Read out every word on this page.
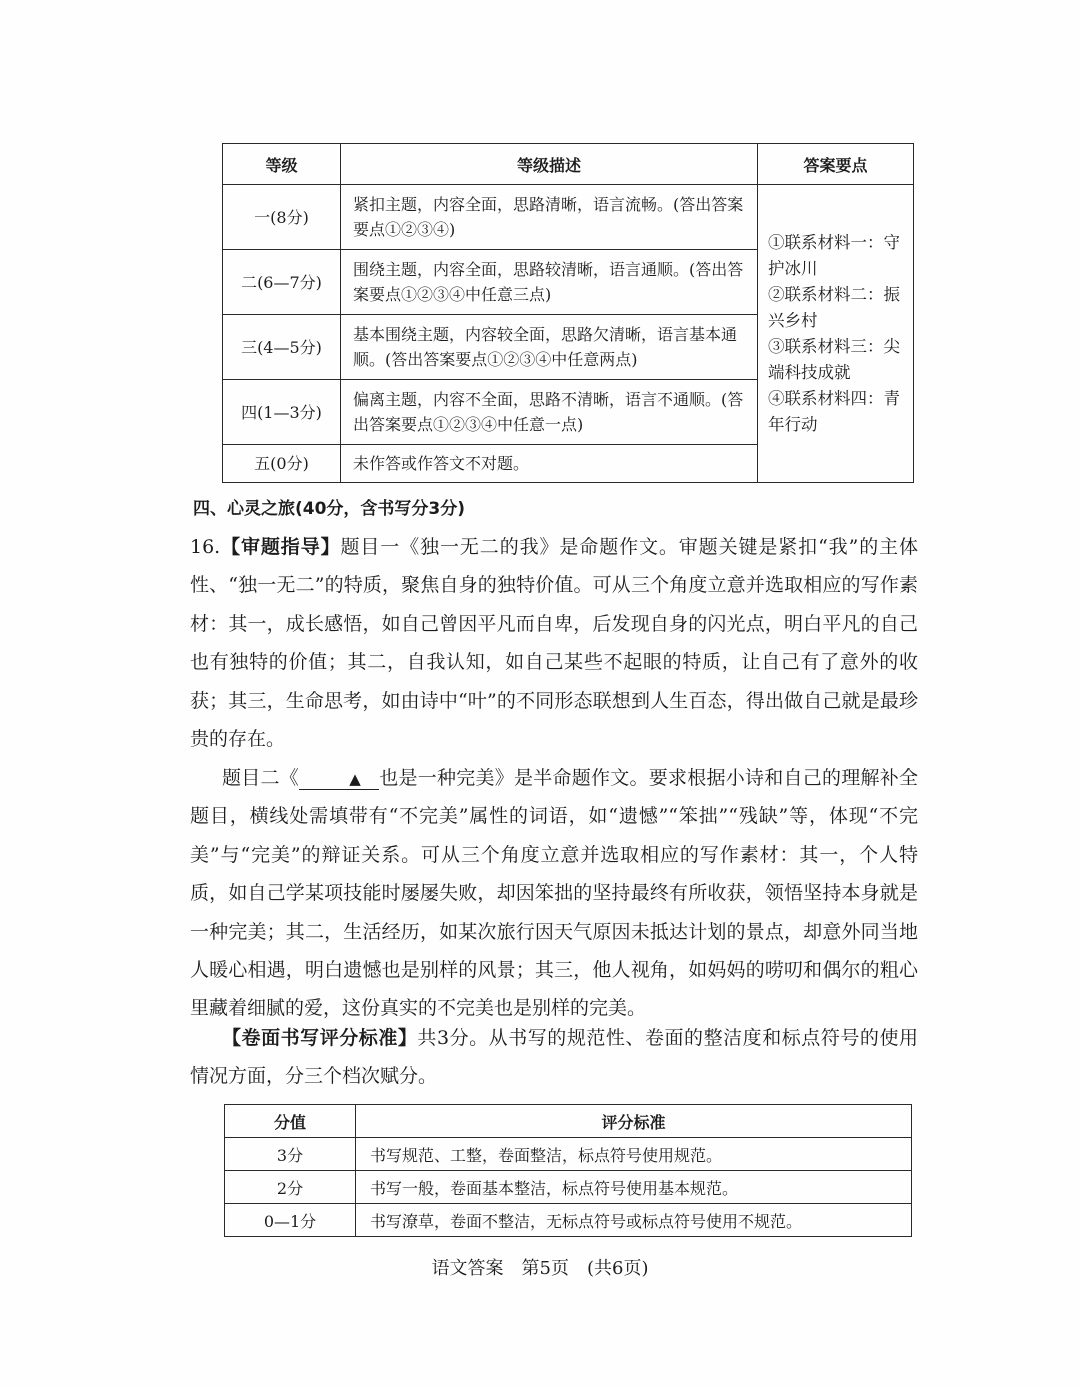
等级	等级描述	答案要点
一(8分)	紧扣主题，内容全面，思路清晰，语言流畅。(答出答案要点①②③④)	①联系材料一：守护冰川
②联系材料二：振兴乡村
③联系材料三：尖端科技成就
④联系材料四：青年行动

二(6—7分)	围绕主题，内容全面，思路较清晰，语言通顺。(答出答案要点①②③④中任意三点)	
三(4—5分)	基本围绕主题，内容较全面，思路欠清晰，语言基本通顺。(答出答案要点①②③④中任意两点)	
四(1—3分)	偏离主题，内容不全面，思路不清晰，语言不通顺。(答出答案要点①②③④中任意一点)	
五(0分)	未作答或作答文不对题。	
四、心灵之旅(40分，含书写分3分)

16.【审题指导】题目一《独一无二的我》是命题作文。审题关键是紧扣“我”的主体性、“独一无二”的特质，聚焦自身的独特价值。可从三个角度立意并选取相应的写作素材：其一，成长感悟，如自己曾因平凡而自卑，后发现自身的闪光点，明白平凡的自己也有独特的价值；其二，自我认知，如自己某些不起眼的特质，让自己有了意外的收获；其三，生命思考，如由诗中“叶”的不同形态联想到人生百态，得出做自己就是最珍贵的存在。

题目二《	▲ 也是一种完美》是半命题作文。要求根据小诗和自己的理解补全题目，横线处需填带有“不完美”属性的词语，如“遗憾”“笨拙”“残缺”等，体现“不完美”与“完美”的辩证关系。可从三个角度立意并选取相应的写作素材：其一，个人特质，如自己学某项技能时屡屡失败，却因笨拙的坚持最终有所收获，领悟坚持本身就是一种完美；其二，生活经历，如某次旅行因天气原因未抵达计划的景点，却意外同当地人暖心相遇，明白遗憾也是别样的风景；其三，他人视角，如妈妈的唠叨和偶尔的粗心里藏着细腻的爱，这份真实的不完美也是别样的完美。

【卷面书写评分标准】共3分。从书写的规范性、卷面的整洁度和标点符号的使用情况方面，分三个档次赋分。

分值	评分标准
3分	书写规范、工整，卷面整洁，标点符号使用规范。
2分	书写一般，卷面基本整洁，标点符号使用基本规范。
0—1分	书写潦草，卷面不整洁，无标点符号或标点符号使用不规范。
语文答案　第5页　(共6页)
